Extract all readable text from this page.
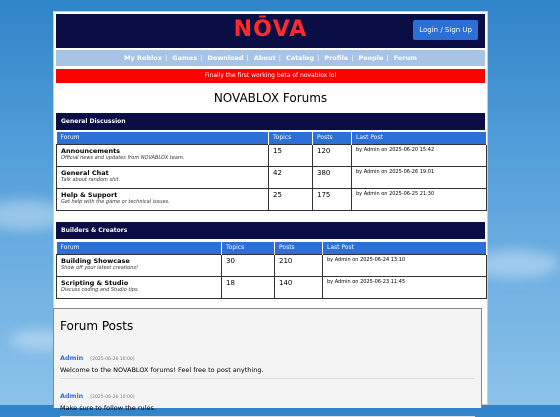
NŌVA	Login / Sign Up
My Roblox | Games | Download | About | Catalog | Profile | People | Forum
Finally the first working beta of novablox lol
NOVABLOX Forums
General Discussion
Forum	Topics	Posts	Last Post

Announcements
Official news and updates from NOVABLOX team.	15	120	by Admin on 2025-06-20 15:42

General Chat
Talk about random shit.	42	380	by Admin on 2025-06-26 19:01

Help & Support
Get help with the game or technical issues.	25	175	by Admin on 2025-06-25 21:30
Builders & Creators
Forum	Topics	Posts	Last Post

Building Showcase
Show off your latest creations!	30	210	by Admin on 2025-06-24 13:10

Scripting & Studio
Discuss coding and Studio tips.	18	140	by Admin on 2025-06-23 11:45
Forum Posts
Admin [2025-06-26 10:00]
Welcome to the NOVABLOX forums! Feel free to post anything.
Admin [2025-06-26 10:00]
Make sure to follow the rules.
